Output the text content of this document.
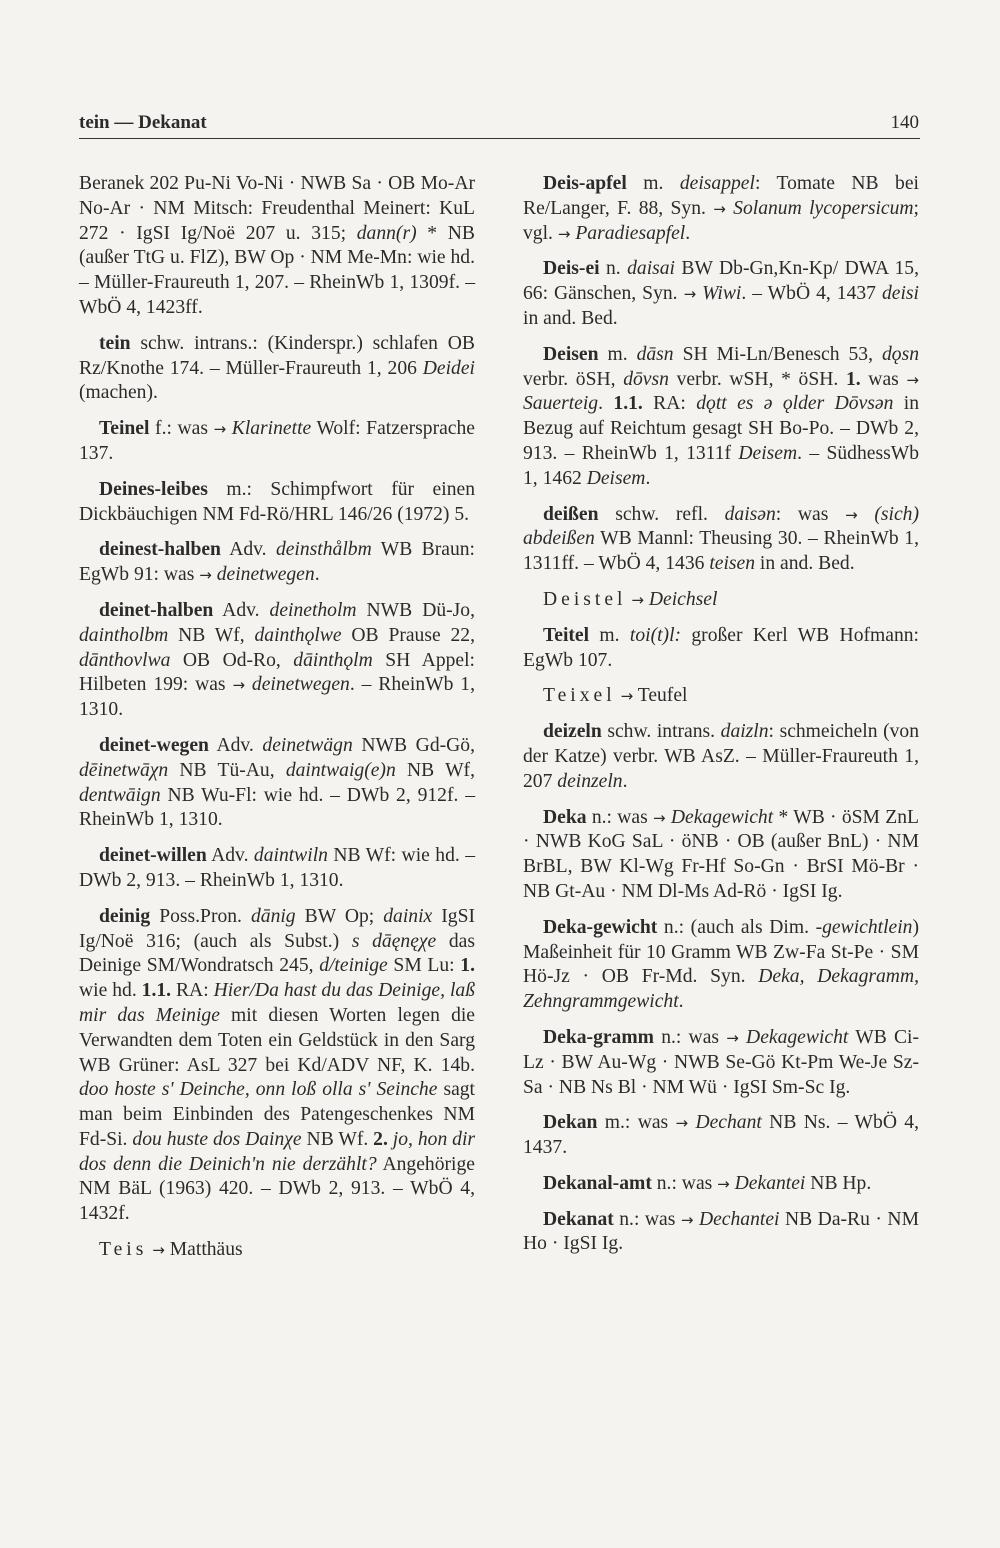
tein — Dekanat	140

Beranek 202 Pu-Ni Vo-Ni · NWB Sa · OB Mo-Ar No-Ar · NM Mitsch: Freudenthal Meinert: KuL 272 · IgSI Ig/Noë 207 u. 315; dann(r) * NB (außer TtG u. FlZ), BW Op · NM Me-Mn: wie hd. – Müller-Fraureuth 1, 207. – RheinWb 1, 1309f. – WbÖ 4, 1423ff.

tein schw. intrans.: (Kinderspr.) schlafen OB Rz/Knothe 174. – Müller-Fraureuth 1, 206 Deidei (machen).

Teinel f.: was → Klarinette Wolf: Fatzersprache 137.

Deines-leibes m.: Schimpfwort für einen Dickbäuchigen NM Fd-Rö/HRL 146/26 (1972) 5.

deinest-halben Adv. deinsthålbm WB Braun: EgWb 91: was → deinetwegen.

deinet-halben Adv. deinetholm NWB Dü-Jo, daintholbm NB Wf, dainthǫlwe OB Prause 22, dānthovlwa OB Od-Ro, dāinthǫlm SH Appel: Hilbeten 199: was → deinetwegen. – RheinWb 1, 1310.

deinet-wegen Adv. deinetwägn NWB Gd-Gö, dēinetwāχn NB Tü-Au, daintwaig(e)n NB Wf, dentwāign NB Wu-Fl: wie hd. – DWb 2, 912f. – RheinWb 1, 1310.

deinet-willen Adv. daintwiln NB Wf: wie hd. – DWb 2, 913. – RheinWb 1, 1310.

deinig Poss.Pron. dānig BW Op; dainix IgSI Ig/Noë 316; (auch als Subst.) s dāęnęχe das Deinige SM/Wondratsch 245, d/teinige SM Lu: 1. wie hd. 1.1. RA: Hier/Da hast du das Deinige, laß mir das Meinige mit diesen Worten legen die Verwandten dem Toten ein Geldstück in den Sarg WB Grüner: AsL 327 bei Kd/ADV NF, K. 14b. doo hoste s' Deinche, onn loß olla s' Seinche sagt man beim Einbinden des Patengeschenkes NM Fd-Si. dou huste dos Dainχe NB Wf. 2. jo, hon dir dos denn die Deinich'n nie derzählt? Angehörige NM BäL (1963) 420. – DWb 2, 913. – WbÖ 4, 1432f.

Teis → Matthäus

Deis-apfel m. deisappel: Tomate NB bei Re/Langer, F. 88, Syn. → Solanum lycopersicum; vgl. → Paradiesapfel.

Deis-ei n. daisai BW Db-Gn,Kn-Kp/ DWA 15, 66: Gänschen, Syn. → Wiwi. – WbÖ 4, 1437 deisi in and. Bed.

Deisen m. dāsn SH Mi-Ln/Benesch 53, dǫsn verbr. öSH, dōvsn verbr. wSH, * öSH. 1. was → Sauerteig. 1.1. RA: dǫtt es ə ǫlder Dōvsən in Bezug auf Reichtum gesagt SH Bo-Po. – DWb 2, 913. – RheinWb 1, 1311f Deisem. – SüdhessWb 1, 1462 Deisem.

deißen schw. refl. daisən: was → (sich) abdeißen WB Mannl: Theusing 30. – RheinWb 1, 1311ff. – WbÖ 4, 1436 teisen in and. Bed.

Deistel → Deichsel

Teitel m. toi(t)l: großer Kerl WB Hofmann: EgWb 107.

Teixel → Teufel

deizeln schw. intrans. daizln: schmeicheln (von der Katze) verbr. WB AsZ. – Müller-Fraureuth 1, 207 deinzeln.

Deka n.: was → Dekagewicht * WB · öSM ZnL · NWB KoG SaL · öNB · OB (außer BnL) · NM BrBL, BW Kl-Wg Fr-Hf So-Gn · BrSI Mö-Br · NB Gt-Au · NM Dl-Ms Ad-Rö · IgSI Ig.

Deka-gewicht n.: (auch als Dim. -gewichtlein) Maßeinheit für 10 Gramm WB Zw-Fa St-Pe · SM Hö-Jz · OB Fr-Md. Syn. Deka, Dekagramm, Zehngrammgewicht.

Deka-gramm n.: was → Dekagewicht WB Ci-Lz · BW Au-Wg · NWB Se-Gö Kt-Pm We-Je Sz-Sa · NB Ns Bl · NM Wü · IgSI Sm-Sc Ig.

Dekan m.: was → Dechant NB Ns. – WbÖ 4, 1437.

Dekanal-amt n.: was → Dekantei NB Hp.

Dekanat n.: was → Dechantei NB Da-Ru · NM Ho · IgSI Ig.
